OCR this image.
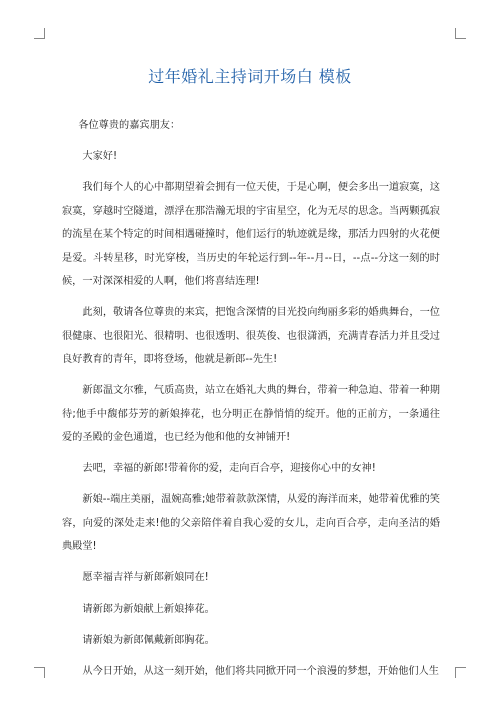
过年婚礼主持词开场白 模板

各位尊贵的嘉宾朋友：

大家好!

我们每个人的心中都期望着会拥有一位天使，于是心啊，便会多出一道寂寞，这寂寞，穿越时空隧道，漂浮在那浩瀚无垠的宇宙星空，化为无尽的思念。当两颗孤寂的流星在某个特定的时间相遇碰撞时，他们运行的轨迹就是缘，那活力四射的火花便是爱。斗转星移，时光穿梭，当历史的年轮运行到--年--月--日，--点--分这一刻的时候，一对深深相爱的人啊，他们将喜结连理!

此刻，敬请各位尊贵的来宾，把饱含深情的目光投向绚丽多彩的婚典舞台，一位很健康、也很阳光、很精明、也很透明、很英俊、也很潇洒，充满青春活力并且受过良好教育的青年，即将登场，他就是新郎--先生!

新郎温文尔雅，气质高贵，站立在婚礼大典的舞台，带着一种急迫、带着一种期待;他手中馥郁芬芳的新娘捧花，也分明正在静悄悄的绽开。他的正前方，一条通往爱的圣殿的金色通道，也已经为他和他的女神铺开!

去吧，幸福的新郎!带着你的爱，走向百合亭，迎接你心中的女神!

新娘--端庄美丽，温婉高雅;她带着款款深情，从爱的海洋而来，她带着优雅的笑容，向爱的深处走来!他的父亲陪伴着自我心爱的女儿，走向百合亭，走向圣洁的婚典殿堂!

愿幸福吉祥与新郎新娘同在!

请新郎为新娘献上新娘捧花。

请新娘为新郎佩戴新郎胸花。

从今日开始，从这一刻开始，他们将共同掀开同一个浪漫的梦想，开始他们人生
